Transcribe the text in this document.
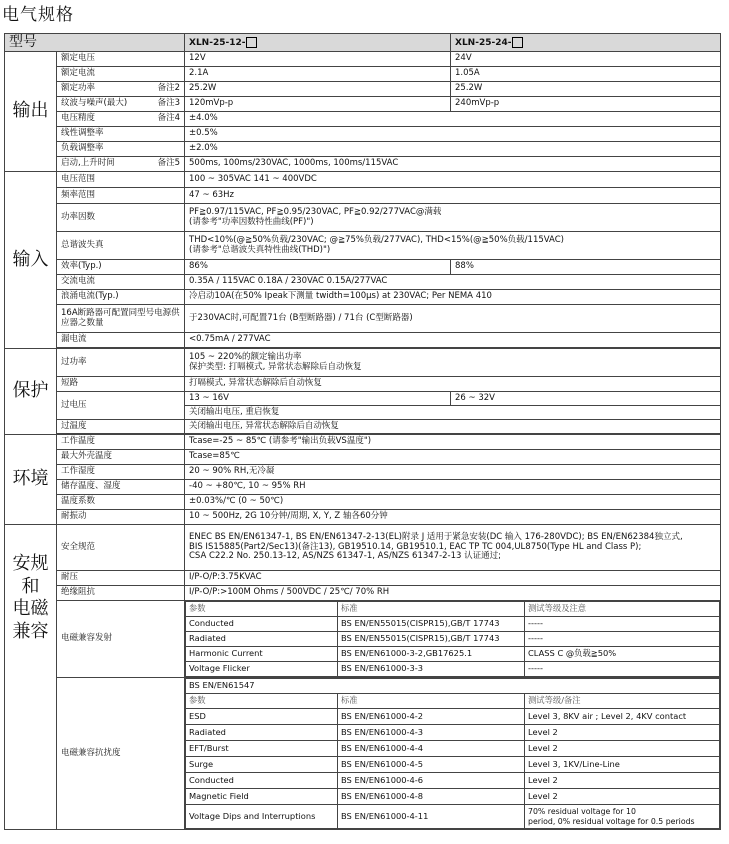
电气规格
型号	XLN-25-12-	XLN-25-24-
输出	额定电压	12V	24V
额定电流	2.1A	1.05A
额定功率	备注2	25.2W	25.2W
纹波与噪声(最大)	备注3	120mVp-p	240mVp-p
电压精度	备注4	±4.0%
线性调整率	±0.5%
负载调整率	±2.0%
启动,上升时间	备注5	500ms, 100ms/230VAC, 1000ms, 100ms/115VAC
输入	电压范围	100 ~ 305VAC 141 ~ 400VDC
频率范围	47 ~ 63Hz
功率因数	PF≧0.97/115VAC, PF≧0.95/230VAC, PF≧0.92/277VAC@满载
(请参考"功率因数特性曲线(PF)")

总谐波失真	THD<10%(@≧50%负载/230VAC; @≧75%负载/277VAC), THD<15%(@≧50%负载/115VAC)
(请参考"总谐波失真特性曲线(THD)")

效率(Typ.)	86%	88%
交流电流	0.35A / 115VAC 0.18A / 230VAC 0.15A/277VAC
浪涌电流(Typ.)	冷启动10A(在50% Ipeak下测量 twidth=100μs) at 230VAC; Per NEMA 410
16A断路器可配置同型号电源供应器之数量	于230VAC时,可配置71台 (B型断路器) / 71台 (C型断路器)
漏电流	<0.75mA / 277VAC

保护	过功率	105 ~ 220%的额定输出功率
保护类型: 打嗝模式, 异常状态解除后自动恢复

短路	打嗝模式, 异常状态解除后自动恢复
过电压	13 ~ 16V	26 ~ 32V
关闭输出电压, 重启恢复
过温度	关闭输出电压, 异常状态解除后自动恢复

环境	工作温度	Tcase=-25 ~ 85℃ (请参考"输出负载VS温度")
最大外壳温度	Tcase=85℃
工作湿度	20 ~ 90% RH,无冷凝
储存温度、湿度	-40 ~ +80℃, 10 ~ 95% RH
温度系数	±0.03%/℃ (0 ~ 50℃)
耐振动	10 ~ 500Hz, 2G 10分钟/周期, X, Y, Z 轴各60分钟

安规
和
电磁
兼容
	安全规范	
ENEC BS EN/EN61347-1, BS EN/EN61347-2-13(EL)附录 J 适用于紧急安装(DC 输入 176-280VDC); BS EN/EN62384独立式,
BIS IS15885(Part2/Sec13)(备注13), GB19510.14, GB19510.1, EAC TP TC 004,UL8750(Type HL and Class P);
CSA C22.2 No. 250.13-12, AS/NZS 61347-1, AS/NZS 61347-2-13 认证通过;

耐压	I/P-O/P:3.75KVAC
绝缘阻抗	I/P-O/P:>100M Ohms / 500VDC / 25℃/ 70% RH
电磁兼容发射	
参数	标准	测试等级及注意
Conducted	BS EN/EN55015(CISPR15),GB/T 17743	-----
Radiated	BS EN/EN55015(CISPR15),GB/T 17743	-----
Harmonic Current	BS EN/EN61000-3-2,GB17625.1	CLASS C @负载≧50%
Voltage Flicker	BS EN/EN61000-3-3	-----

电磁兼容抗扰度	
BS EN/EN61547
参数	标准	测试等级/备注
ESD	BS EN/EN61000-4-2	Level 3, 8KV air ; Level 2, 4KV contact
Radiated	BS EN/EN61000-4-3	Level 2
EFT/Burst	BS EN/EN61000-4-4	Level 2
Surge	BS EN/EN61000-4-5	Level 3, 1KV/Line-Line
Conducted	BS EN/EN61000-4-6	Level 2
Magnetic Field	BS EN/EN61000-4-8	Level 2
Voltage Dips and Interruptions	BS EN/EN61000-4-11	70% residual voltage for 10
period, 0% residual voltage for 0.5 periods
